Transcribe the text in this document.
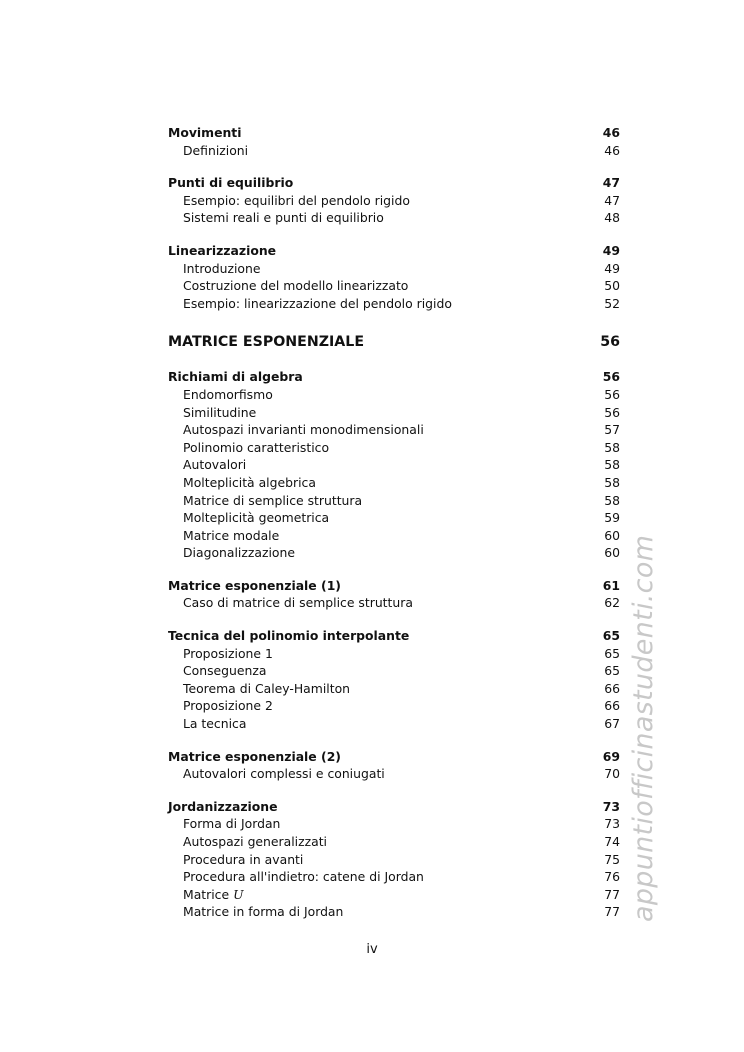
Movimenti	46
Definizioni	46
Punti di equilibrio	47
Esempio: equilibri del pendolo rigido	47
Sistemi reali e punti di equilibrio	48
Linearizzazione	49
Introduzione	49
Costruzione del modello linearizzato	50
Esempio: linearizzazione del pendolo rigido	52
MATRICE ESPONENZIALE	56
Richiami di algebra	56
Endomorfismo	56
Similitudine	56
Autospazi invarianti monodimensionali	57
Polinomio caratteristico	58
Autovalori	58
Molteplicità algebrica	58
Matrice di semplice struttura	58
Molteplicità geometrica	59
Matrice modale	60
Diagonalizzazione	60
Matrice esponenziale (1)	61
Caso di matrice di semplice struttura	62
Tecnica del polinomio interpolante	65
Proposizione 1	65
Conseguenza	65
Teorema di Caley-Hamilton	66
Proposizione 2	66
La tecnica	67
Matrice esponenziale (2)	69
Autovalori complessi e coniugati	70
Jordanizzazione	73
Forma di Jordan	73
Autospazi generalizzati	74
Procedura in avanti	75
Procedura all'indietro: catene di Jordan	76
Matrice U	77
Matrice in forma di Jordan	77
iv
appuntiofficinastudenti.com
